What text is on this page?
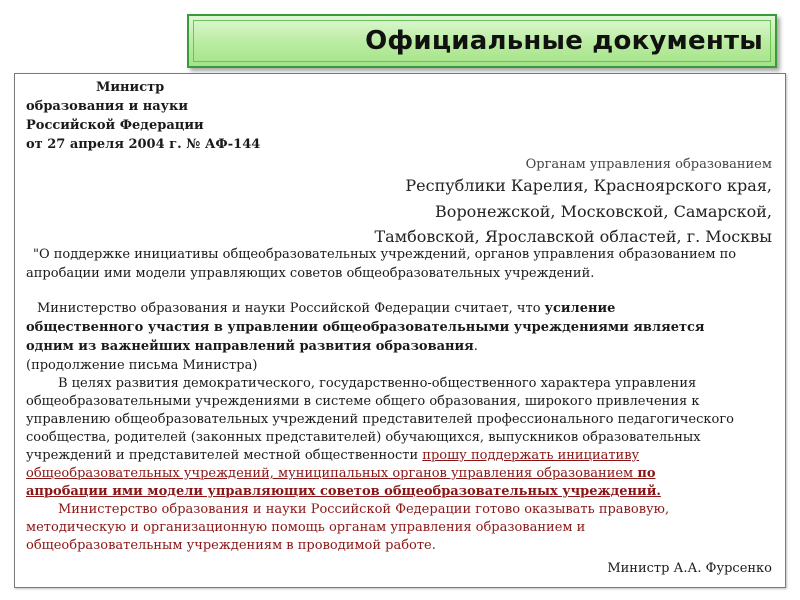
Официальные документы
Министр
образования и науки
Российской Федерации
от 27 апреля 2004 г. № АФ-144
Органам управления образованием
Республики Карелия, Красноярского края,
Воронежской, Московской, Самарской,
Тамбовской, Ярославской областей, г. Москвы
"О поддержке инициативы общеобразовательных учреждений, органов управления образованием по
апробации ими модели управляющих советов общеобразовательных учреждений.
Министерство образования и науки Российской Федерации считает, что усиление
общественного участия в управлении общеобразовательными учреждениями является
одним из важнейших направлений развития образования.
(продолжение письма Министра)
В целях развития демократического, государственно-общественного характера управления
общеобразовательными учреждениями в системе общего образования, широкого привлечения к
управлению общеобразовательных учреждений представителей профессионального педагогического
сообщества, родителей (законных представителей) обучающихся, выпускников образовательных
учреждений и представителей местной общественности прошу поддержать инициативу
общеобразовательных учреждений, муниципальных органов управления образованием по
апробации ими модели управляющих советов общеобразовательных учреждений.
Министерство образования и науки Российской Федерации готово оказывать правовую,
методическую и организационную помощь органам управления образованием и
общеобразовательным учреждениям в проводимой работе.
Министр А.А. Фурсенко
